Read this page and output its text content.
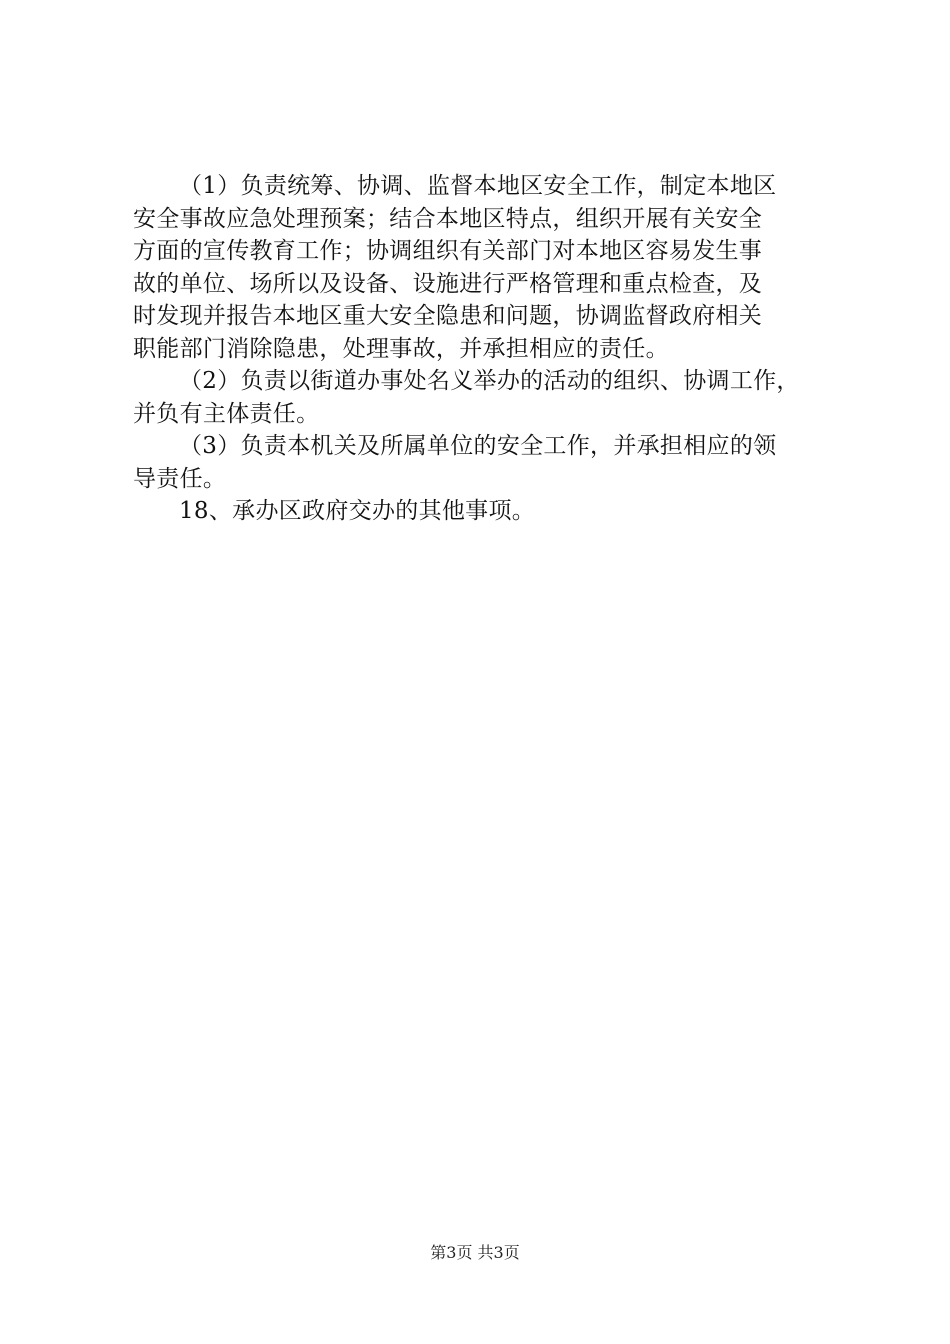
（1）负责统筹、协调、监督本地区安全工作，制定本地区
安全事故应急处理预案；结合本地区特点，组织开展有关安全
方面的宣传教育工作；协调组织有关部门对本地区容易发生事
故的单位、场所以及设备、设施进行严格管理和重点检查，及
时发现并报告本地区重大安全隐患和问题，协调监督政府相关
职能部门消除隐患，处理事故，并承担相应的责任。
（2）负责以街道办事处名义举办的活动的组织、协调工作，
并负有主体责任。
（3）负责本机关及所属单位的安全工作，并承担相应的领
导责任。
18、承办区政府交办的其他事项。
第3页 共3页
